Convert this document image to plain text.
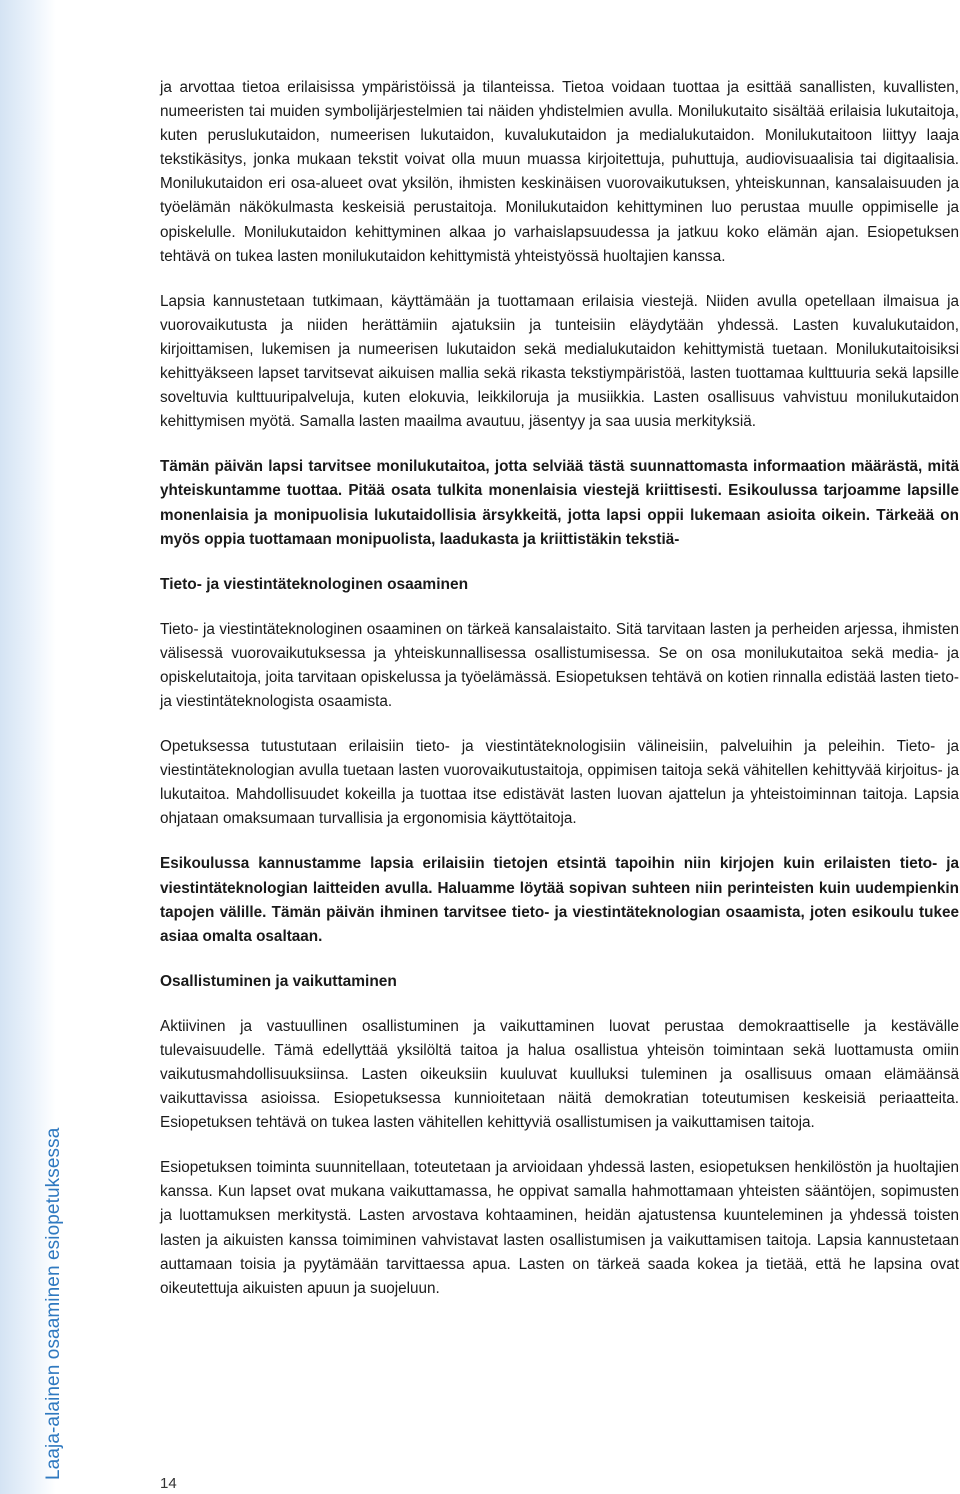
Laaja-alainen osaaminen esiopetuksessa

ja arvottaa tietoa erilaisissa ympäristöissä ja tilanteissa. Tietoa voidaan tuottaa ja esittää sanallisten, kuvallisten, numeeristen tai muiden symbolijärjestelmien tai näiden yhdistelmien avulla. Monilukutaito sisältää erilaisia lukutaitoja, kuten peruslukutaidon, numeerisen lukutaidon, kuvalukutaidon ja medialukutaidon. Monilukutaitoon liittyy laaja tekstikäsitys, jonka mukaan tekstit voivat olla muun muassa kirjoitettuja, puhuttuja, audiovisuaalisia tai digitaalisia. Monilukutaidon eri osa-alueet ovat yksilön, ihmisten keskinäisen vuorovaikutuksen, yhteiskunnan, kansalaisuuden ja työelämän näkökulmasta keskeisiä perustaitoja. Monilukutaidon kehittyminen luo perustaa muulle oppimiselle ja opiskelulle. Monilukutaidon kehittyminen alkaa jo varhaislapsuudessa ja jatkuu koko elämän ajan. Esiopetuksen tehtävä on tukea lasten monilukutaidon kehittymistä yhteistyössä huoltajien kanssa.

Lapsia kannustetaan tutkimaan, käyttämään ja tuottamaan erilaisia viestejä. Niiden avulla opetellaan ilmaisua ja vuorovaikutusta ja niiden herättämiin ajatuksiin ja tunteisiin eläydytään yhdessä. Lasten kuvalukutaidon, kirjoittamisen, lukemisen ja numeerisen lukutaidon sekä medialukutaidon kehittymistä tuetaan. Monilukutaitoisiksi kehittyäkseen lapset tarvitsevat aikuisen mallia sekä rikasta tekstiympäristöä, lasten tuottamaa kulttuuria sekä lapsille soveltuvia kulttuuripalveluja, kuten elokuvia, leikkiloruja ja musiikkia. Lasten osallisuus vahvistuu monilukutaidon kehittymisen myötä. Samalla lasten maailma avautuu, jäsentyy ja saa uusia merkityksiä.

Tämän päivän lapsi tarvitsee monilukutaitoa, jotta selviää tästä suunnattomasta informaation määrästä, mitä yhteiskuntamme tuottaa. Pitää osata tulkita monenlaisia viestejä kriittisesti. Esikoulussa tarjoamme lapsille monenlaisia ja monipuolisia lukutaidollisia ärsykkeitä, jotta lapsi oppii lukemaan asioita oikein. Tärkeää on myös oppia tuottamaan monipuolista, laadukasta ja kriittistäkin tekstiä-

Tieto- ja viestintäteknologinen osaaminen

Tieto- ja viestintäteknologinen osaaminen on tärkeä kansalaistaito. Sitä tarvitaan lasten ja perheiden arjessa, ihmisten välisessä vuorovaikutuksessa ja yhteiskunnallisessa osallistumisessa. Se on osa monilukutaitoa sekä media- ja opiskelutaitoja, joita tarvitaan opiskelussa ja työelämässä. Esiopetuksen tehtävä on kotien rinnalla edistää lasten tieto- ja viestintäteknologista osaamista.

Opetuksessa tutustutaan erilaisiin tieto- ja viestintäteknologisiin välineisiin, palveluihin ja peleihin. Tieto- ja viestintäteknologian avulla tuetaan lasten vuorovaikutustaitoja, oppimisen taitoja sekä vähitellen kehittyvää kirjoitus- ja lukutaitoa. Mahdollisuudet kokeilla ja tuottaa itse edistävät lasten luovan ajattelun ja yhteistoiminnan taitoja. Lapsia ohjataan omaksumaan turvallisia ja ergonomisia käyttötaitoja.

Esikoulussa kannustamme lapsia erilaisiin tietojen etsintä tapoihin niin kirjojen kuin erilaisten tieto- ja viestintäteknologian laitteiden avulla. Haluamme löytää sopivan suhteen niin perinteisten kuin uudempienkin tapojen välille. Tämän päivän ihminen tarvitsee tieto- ja viestintäteknologian osaamista, joten esikoulu tukee asiaa omalta osaltaan.

Osallistuminen ja vaikuttaminen

Aktiivinen ja vastuullinen osallistuminen ja vaikuttaminen luovat perustaa demokraattiselle ja kestävälle tulevaisuudelle. Tämä edellyttää yksilöltä taitoa ja halua osallistua yhteisön toimintaan sekä luottamusta omiin vaikutusmahdollisuuksiinsa. Lasten oikeuksiin kuuluvat kuulluksi tuleminen ja osallisuus omaan elämäänsä vaikuttavissa asioissa. Esiopetuksessa kunnioitetaan näitä demokratian toteutumisen keskeisiä periaatteita. Esiopetuksen tehtävä on tukea lasten vähitellen kehittyviä osallistumisen ja vaikuttamisen taitoja.

Esiopetuksen toiminta suunnitellaan, toteutetaan ja arvioidaan yhdessä lasten, esiopetuksen henkilöstön ja huoltajien kanssa. Kun lapset ovat mukana vaikuttamassa, he oppivat samalla hahmottamaan yhteisten sääntöjen, sopimusten ja luottamuksen merkitystä. Lasten arvostava kohtaaminen, heidän ajatustensa kuunteleminen ja yhdessä toisten lasten ja aikuisten kanssa toimiminen vahvistavat lasten osallistumisen ja vaikuttamisen taitoja. Lapsia kannustetaan auttamaan toisia ja pyytämään tarvittaessa apua. Lasten on tärkeä saada kokea ja tietää, että he lapsina ovat oikeutettuja aikuisten apuun ja suojeluun.

14
